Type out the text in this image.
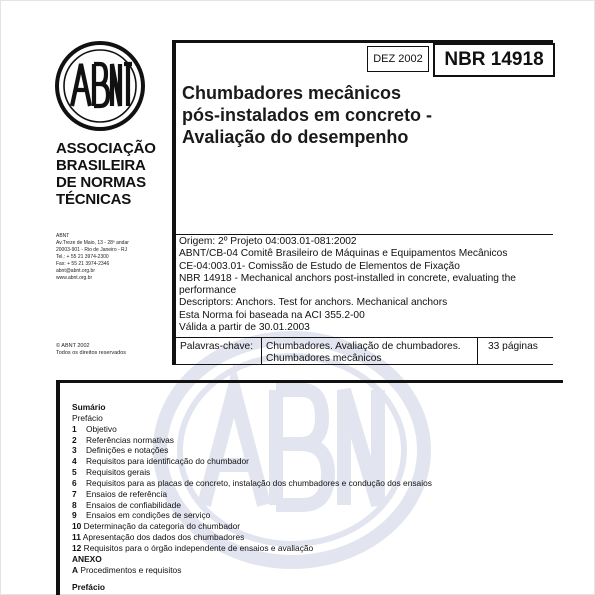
ASSOCIAÇÃO
BRASILEIRA
DE NORMAS
TÉCNICAS
ABNT
Av.Treze de Maio, 13 - 28º andar
20003-901 - Rio de Janeiro - RJ
Tel.: + 55 21 3974-2300
Fax: + 55 21 3974-2346
abnt@abnt.org.br
www.abnt.org.br
© ABNT 2002
Todos os direitos reservados
DEZ 2002	NBR 14918
Chumbadores mecânicos
pós-instalados em concreto -
Avaliação do desempenho
Origem: 2º Projeto 04:003.01-081:2002
ABNT/CB-04 Comitê Brasileiro de Máquinas e Equipamentos Mecânicos
CE-04:003.01- Comissão de Estudo de Elementos de Fixação
NBR 14918 - Mechanical anchors post-installed in concrete, evaluating the
performance
Descriptors: Anchors. Test for anchors. Mechanical anchors
Esta Norma foi baseada na ACI 355.2-00
Válida a partir de 30.01.2003
Palavras-chave: Chumbadores. Avaliação de chumbadores.
Chumbadores mecânicos
33 páginas
Sumário
Prefácio
1 Objetivo
2 Referências normativas
3 Definições e notações
4 Requisitos para identificação do chumbador
5 Requisitos gerais
6 Requisitos para as placas de concreto, instalação dos chumbadores e condução dos ensaios
7 Ensaios de referência
8 Ensaios de confiabilidade
9 Ensaios em condições de serviço
10 Determinação da categoria do chumbador
11 Apresentação dos dados dos chumbadores
12 Requisitos para o órgão independente de ensaios e avaliação
ANEXO
A Procedimentos e requisitos
Prefácio
